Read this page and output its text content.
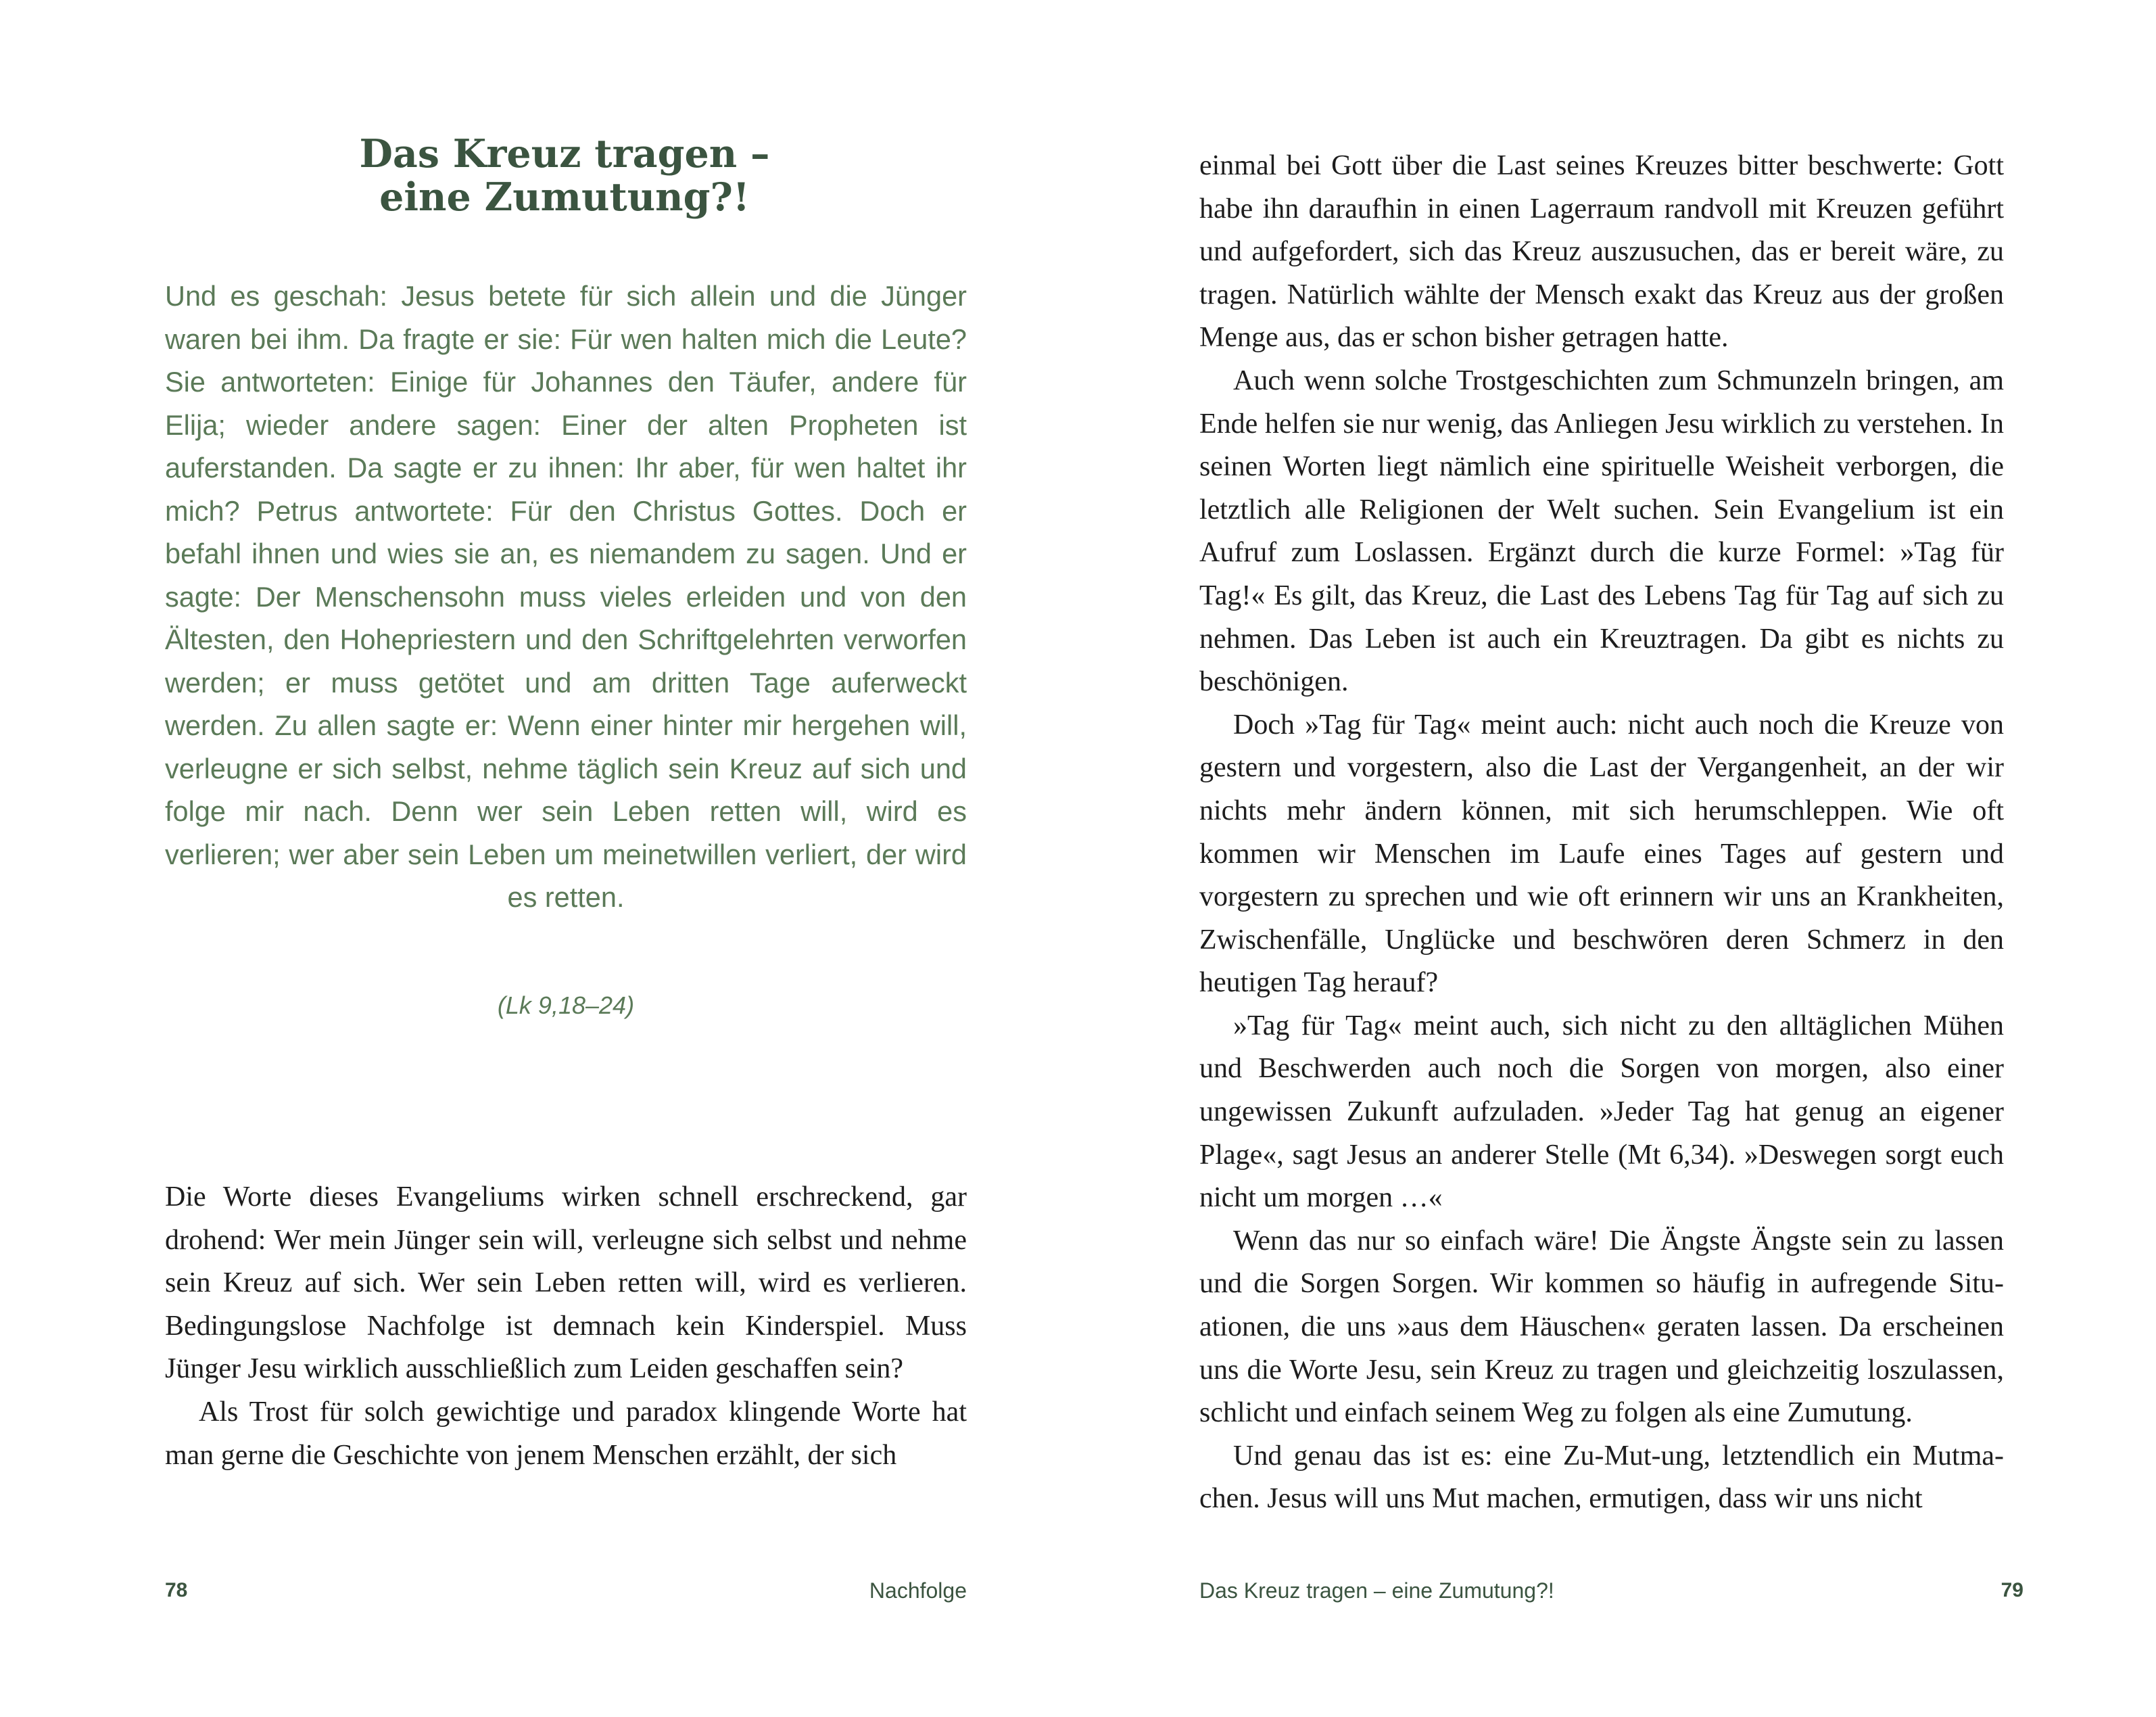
Das Kreuz tragen –
eine Zumutung?!

Und es geschah: Jesus betete für sich allein und die Jünger waren bei ihm. Da fragte er sie: Für wen halten mich die Leute? Sie antworteten: Einige für Johannes den Täufer, andere für Elija; wieder andere sagen: Einer der alten Propheten ist auferstanden. Da sagte er zu ihnen: Ihr aber, für wen haltet ihr mich? Petrus antwortete: Für den Christus Gottes. Doch er befahl ihnen und wies sie an, es niemandem zu sagen. Und er sagte: Der Menschensohn muss vieles erleiden und von den Ältesten, den Hohepriestern und den Schriftgelehrten verworfen werden; er muss getötet und am dritten Tage auferweckt werden. Zu allen sagte er: Wenn einer hinter mir hergehen will, verleugne er sich selbst, nehme täglich sein Kreuz auf sich und folge mir nach. Denn wer sein Leben retten will, wird es verlieren; wer aber sein Leben um meinetwillen verliert, der wird es retten.

(Lk 9,18–24)

Die Worte dieses Evangeliums wirken schnell erschreckend, gar drohend: Wer mein Jünger sein will, verleugne sich selbst und nehme sein Kreuz auf sich. Wer sein Leben retten will, wird es verlieren. Bedingungslose Nachfolge ist demnach kein Kinderspiel. Muss Jünger Jesu wirklich ausschließlich zum Leiden geschaffen sein?

Als Trost für solch gewichtige und paradox klingende Worte hat man gerne die Geschichte von jenem Menschen erzählt, der sich

78	Nachfolge

einmal bei Gott über die Last seines Kreuzes bitter beschwerte: Gott habe ihn daraufhin in einen Lagerraum randvoll mit Kreuzen geführt und aufgefordert, sich das Kreuz auszusuchen, das er bereit wäre, zu tragen. Natürlich wählte der Mensch exakt das Kreuz aus der großen Menge aus, das er schon bisher getragen hatte.

Auch wenn solche Trostgeschichten zum Schmunzeln bringen, am Ende helfen sie nur wenig, das Anliegen Jesu wirklich zu verstehen. In seinen Worten liegt nämlich eine spirituelle Weisheit verborgen, die letztlich alle Religionen der Welt suchen. Sein Evangelium ist ein Aufruf zum Loslassen. Ergänzt durch die kurze Formel: »Tag für Tag!« Es gilt, das Kreuz, die Last des Lebens Tag für Tag auf sich zu nehmen. Das Leben ist auch ein Kreuztragen. Da gibt es nichts zu beschönigen.

Doch »Tag für Tag« meint auch: nicht auch noch die Kreuze von gestern und vorgestern, also die Last der Vergangenheit, an der wir nichts mehr ändern können, mit sich herumschleppen. Wie oft kommen wir Menschen im Laufe eines Tages auf gestern und vorgestern zu sprechen und wie oft erinnern wir uns an Krankheiten, Zwischenfälle, Unglücke und beschwören deren Schmerz in den heutigen Tag herauf?

»Tag für Tag« meint auch, sich nicht zu den alltäglichen Mühen und Beschwerden auch noch die Sorgen von morgen, also einer ungewissen Zukunft aufzuladen. »Jeder Tag hat genug an eigener Plage«, sagt Jesus an anderer Stelle (Mt 6,34). »Deswegen sorgt euch nicht um morgen …«

Wenn das nur so einfach wäre! Die Ängste Ängste sein zu lassen und die Sorgen Sorgen. Wir kommen so häufig in aufregende Situationen, die uns »aus dem Häuschen« geraten lassen. Da erscheinen uns die Worte Jesu, sein Kreuz zu tragen und gleichzeitig loszulassen, schlicht und einfach seinem Weg zu folgen als eine Zumutung.

Und genau das ist es: eine Zu-Mut-ung, letztendlich ein Mutmachen. Jesus will uns Mut machen, ermutigen, dass wir uns nicht

Das Kreuz tragen – eine Zumutung?!	79
